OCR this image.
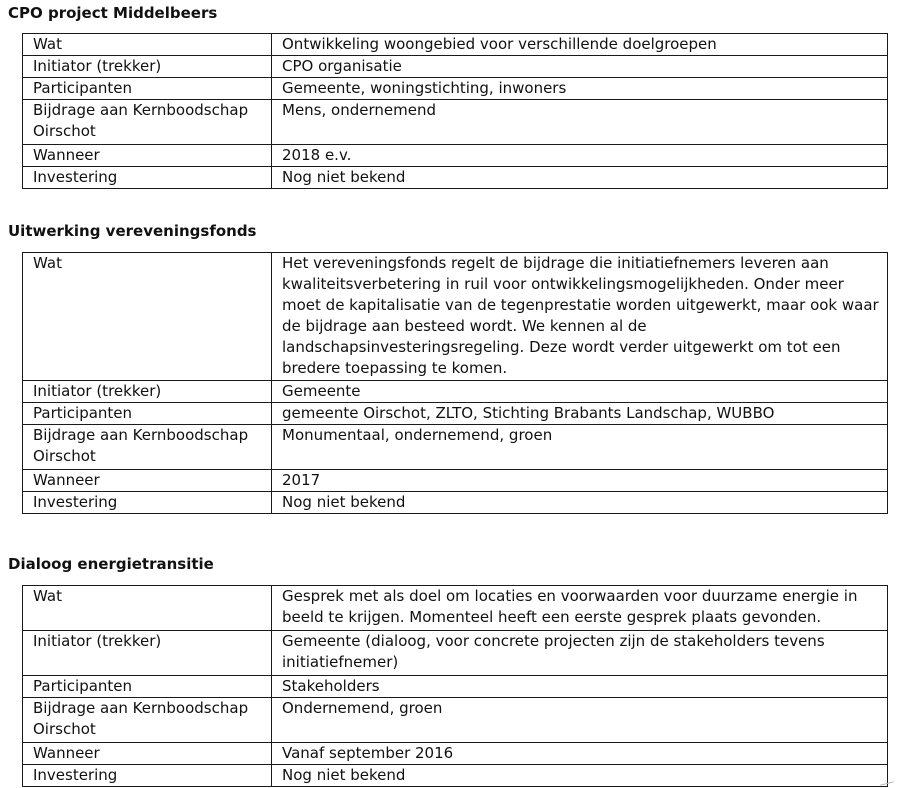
CPO project Middelbeers
Wat	Ontwikkeling woongebied voor verschillende doelgroepen
Initiator (trekker)	CPO organisatie
Participanten	Gemeente, woningstichting, inwoners
Bijdrage aan Kernboodschap Oirschot	Mens, ondernemend
Wanneer	2018 e.v.
Investering	Nog niet bekend
Uitwerking vereveningsfonds
Wat	Het vereveningsfonds regelt de bijdrage die initiatiefnemers leveren aan kwaliteitsverbetering in ruil voor ontwikkelingsmogelijkheden. Onder meer moet de kapitalisatie van de tegenprestatie worden uitgewerkt, maar ook waar de bijdrage aan besteed wordt. We kennen al de landschapsinvesteringsregeling. Deze wordt verder uitgewerkt om tot een bredere toepassing te komen.
Initiator (trekker)	Gemeente
Participanten	gemeente Oirschot, ZLTO, Stichting Brabants Landschap, WUBBO
Bijdrage aan Kernboodschap Oirschot	Monumentaal, ondernemend, groen
Wanneer	2017
Investering	Nog niet bekend
Dialoog energietransitie
Wat	Gesprek met als doel om locaties en voorwaarden voor duurzame energie in beeld te krijgen. Momenteel heeft een eerste gesprek plaats gevonden.
Initiator (trekker)	Gemeente (dialoog, voor concrete projecten zijn de stakeholders tevens initiatiefnemer)
Participanten	Stakeholders
Bijdrage aan Kernboodschap Oirschot	Ondernemend, groen
Wanneer	Vanaf september 2016
Investering	Nog niet bekend
